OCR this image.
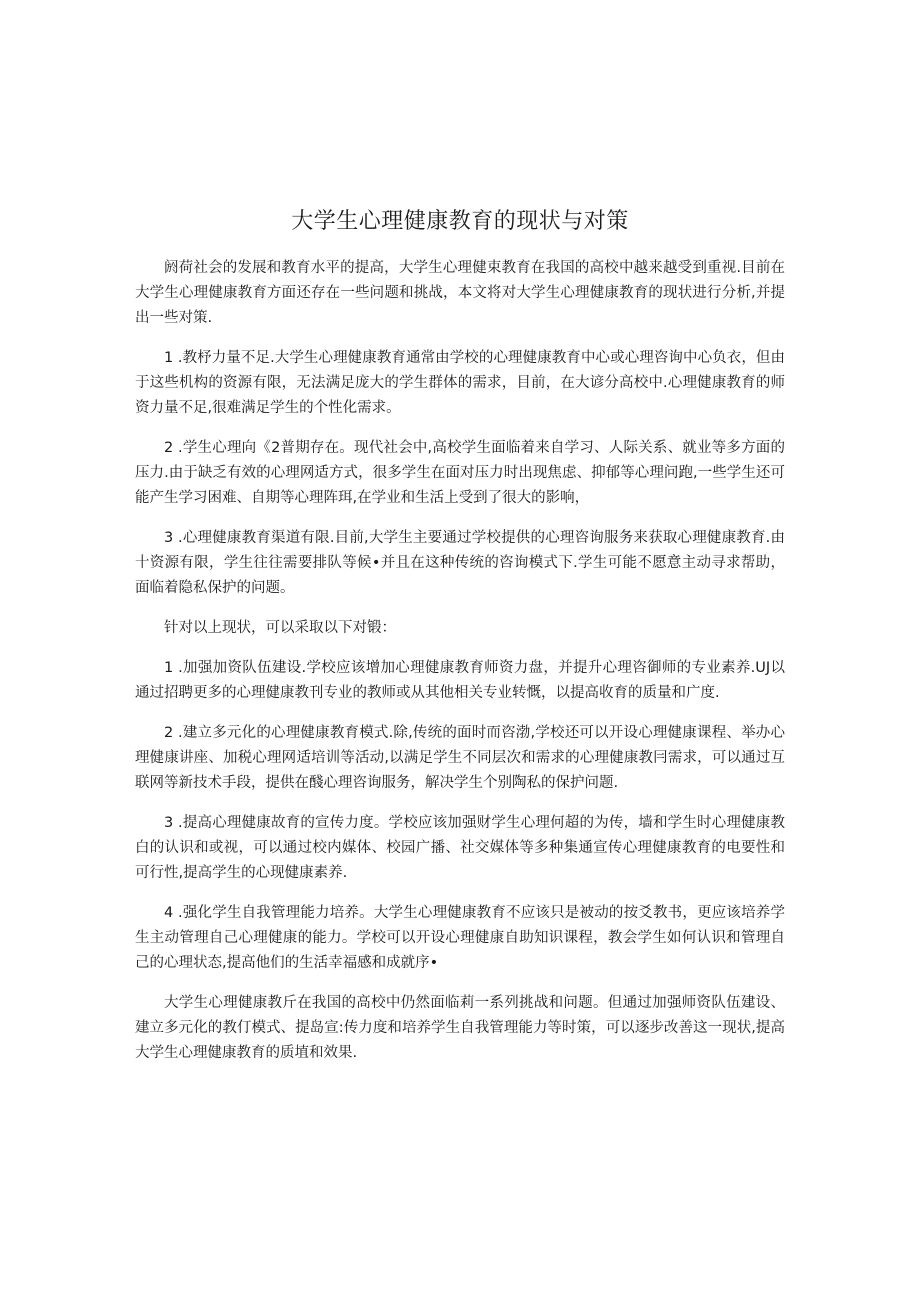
大学生心理健康教育的现状与对策

阏荷社会的发展和教育水平的提高，大学生心理健束教育在我国的高校中越来越受到重视.目前在大学生心理健康教育方面还存在一些问题和挑战，本文将对大学生心理健康教育的现状进行分析,并提出一些对策.

1 .教杼力量不足.大学生心理健康教育通常由学校的心理健康教育中心或心理咨询中心负衣，但由于这些机构的资源有限，无法满足庞大的学生群体的需求，目前，在大谚分高校中.心理健康教育的师资力量不足,很难满足学生的个性化需求。

2 .学生心理向《2普期存在。现代社会中,高校学生面临着来自学习、人际关系、就业等多方面的压力.由于缺乏有效的心理网适方式，很多学生在面对压力时出现焦虑、抑郁等心理问跑,一些学生还可能产生学习困难、自期等心理阵珥,在学业和生活上受到了很大的影响，

3 .心理健康教育渠道有限.目前,大学生主要通过学校提供的心理咨询服务来获取心理健康教育.由十资源有限，学生往往需要排队等候•并且在这种传统的咨询模式下.学生可能不愿意主动寻求帮助，面临着隐私保护的问题。

针对以上现状，可以采取以下对锻：

1 .加强加资队伍建设.学校应该增加心理健康教育师资力盘，并提升心理咨御师的专业素养.UJ以通过招聘更多的心理健康教刊专业的教师或从其他相关专业转慨，以提高收育的质量和广度.

2 .建立多元化的心理健康教育模式.除,传统的面时而咨渤,学校还可以开设心理健康课程、举办心理健康讲座、加税心理网适培训等活动,以满足学生不同层次和需求的心理健康教冃需求，可以通过互联网等新技术手段，提供在醆心理咨询服务，解决学生个别陶私的保护问题.

3 .提高心理健康故育的宣传力度。学校应该加强财学生心理何超的为传，墙和学生时心理健康教白的认识和或视，可以通过校内媒体、校园广播、社交媒体等多种集通宣传心理健康教育的电要性和可行性,提高学生的心现健康素养.

4 .强化学生自我管理能力培养。大学生心理健康教育不应该只是被动的按爻教书，更应该培养学生主动管理自己心理健康的能力。学校可以开设心理健康自助知识课程，教会学生如何认识和管理自己的心理状态,提高他们的生活幸福感和成就序•

大学生心理健康教斤在我国的高校中仍然面临莉一系列挑战和问题。但通过加强师资队伍建设、建立多元化的教仃模式、提岛宣:传力度和培养学生自我管理能力等时策，可以逐步改善这一现状,提高大学生心理健康教育的质埴和效果.
